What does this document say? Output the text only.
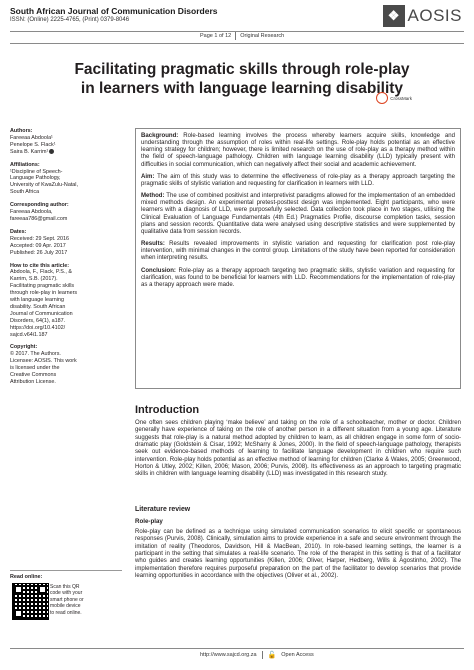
South African Journal of Communication Disorders
ISSN: (Online) 2225-4765, (Print) 0379-8046	❖ AOSIS
Page 1 of 12 Original Research
Facilitating pragmatic skills through role-play
in learners with language learning disability
CrossMark
Authors:
Fareeaa Abdoola¹
Penelope S. Flack¹
Saira B. Karrim¹
Affiliations:
¹Discipline of Speech-
Language Pathology,
University of KwaZulu-Natal,
South Africa
Corresponding author:
Fareeaa Abdoola,
fareeaa786@gmail.com
Dates:
Received: 29 Sept. 2016
Accepted: 09 Apr. 2017
Published: 26 July 2017
How to cite this article:
Abdoola, F., Flack, P.S., &
Karrim, S.B. (2017).
Facilitating pragmatic skills
through role-play in learners
with language learning
disability. South African
Journal of Communication
Disorders, 64(1), a187.
https://doi.org/10.4102/
sajcd.v64i1.187
Copyright:
© 2017. The Authors.
Licensee: AOSIS. This work
is licensed under the
Creative Commons
Attribution License.
Read online:
Scan this QR
code with your
smart phone or
mobile device
to read online.

Background: Role-based learning involves the process whereby learners acquire skills, knowledge and understanding through the assumption of roles within real-life settings. Role-play holds potential as an effective learning strategy for children; however, there is limited research on the use of role-play as a therapy method within the field of speech-language pathology. Children with language learning disability (LLD) typically present with difficulties in social communication, which can negatively affect their social and academic achievement.

Aim: The aim of this study was to determine the effectiveness of role-play as a therapy approach targeting the pragmatic skills of stylistic variation and requesting for clarification in learners with LLD.

Method: The use of combined positivist and interpretivist paradigms allowed for the implementation of an embedded mixed methods design. An experimental pretest-posttest design was implemented. Eight participants, who were learners with a diagnosis of LLD, were purposefully selected. Data collection took place in two stages, utilising the Clinical Evaluation of Language Fundamentals (4th Ed.) Pragmatics Profile, discourse completion tasks, session plans and session records. Quantitative data were analysed using descriptive statistics and were supplemented by qualitative data from session records.

Results: Results revealed improvements in stylistic variation and requesting for clarification post role-play intervention, with minimal changes in the control group. Limitations of the study have been reported for consideration when interpreting results.

Conclusion: Role-play as a therapy approach targeting two pragmatic skills, stylistic variation and requesting for clarification, was found to be beneficial for learners with LLD. Recommendations for the implementation of role-play as a therapy approach were made.

Introduction
One often sees children playing ‘make believe’ and taking on the role of a schoolteacher, mother or doctor. Children generally have experience of taking on the role of another person in a different situation from a young age. Literature suggests that role-play is a natural method adopted by children to learn, as all children engage in some form of socio-dramatic play (Goldstein & Cisar, 1992; McSharry & Jones, 2000). In the field of speech-language pathology, therapists seek out evidence-based methods of learning to facilitate language development in children who require such intervention. Role-play holds potential as an effective method of learning for children (Clarke & Wales, 2005; Greenwood, Horton & Utley, 2002; Killen, 2006; Mason, 2006; Purvis, 2008). Its effectiveness as an approach to targeting pragmatic skills in children with language learning disability (LLD) was investigated in this research study.
Literature review
Role-play
Role-play can be defined as a technique using simulated communication scenarios to elicit specific or spontaneous responses (Purvis, 2008). Clinically, simulation aims to provide experience in a safe and secure environment through the imitation of reality (Theodoros, Davidson, Hill & MacBean, 2010). In role-based learning settings, the learner is a participant in the setting that simulates a real-life scenario. The role of the therapist in this setting is that of a facilitator who guides and creates learning opportunities (Killen, 2006; Oliver, Harper, Hedberg, Wills & Agostinho, 2002). The implementation therefore requires purposeful preparation on the part of the facilitator to develop scenarios that provide learning opportunities in accordance with the objectives (Oliver et al., 2002).
http://www.sajcd.org.za 🔓 Open Access
